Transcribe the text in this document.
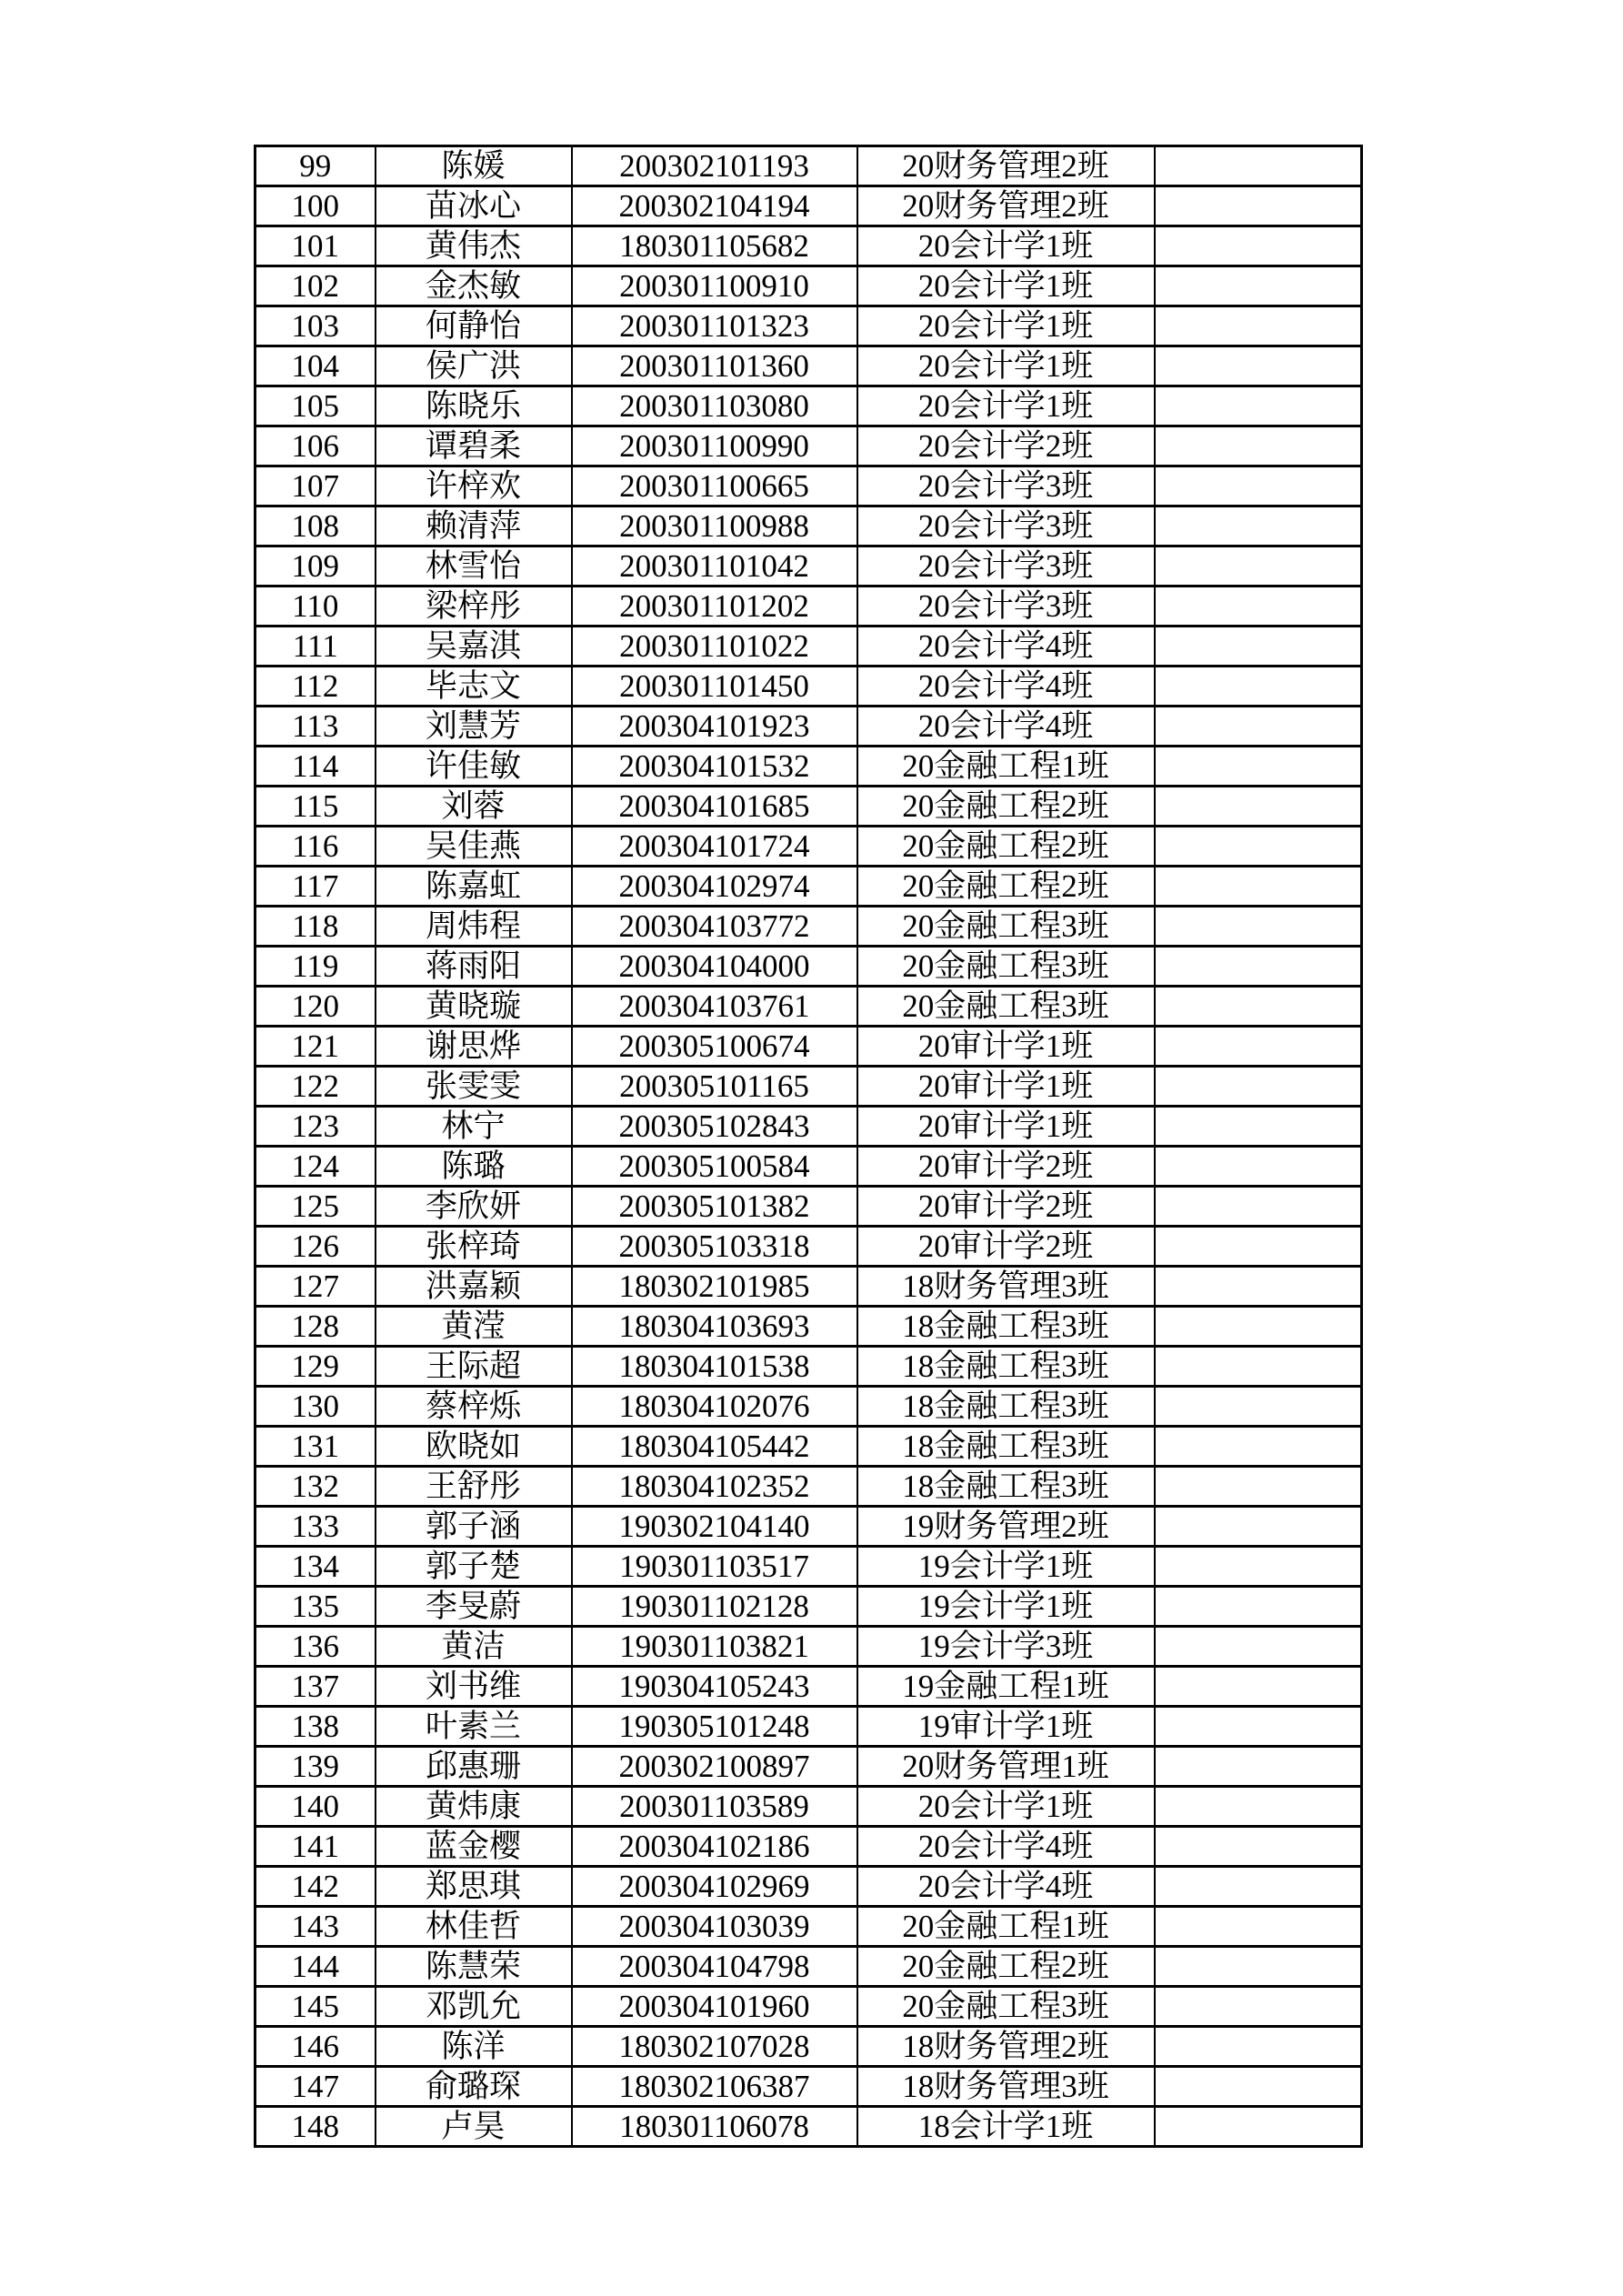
99	陈媛	200302101193	20财务管理2班	
100	苗冰心	200302104194	20财务管理2班	
101	黄伟杰	180301105682	20会计学1班	
102	金杰敏	200301100910	20会计学1班	
103	何静怡	200301101323	20会计学1班	
104	侯广洪	200301101360	20会计学1班	
105	陈晓乐	200301103080	20会计学1班	
106	谭碧柔	200301100990	20会计学2班	
107	许梓欢	200301100665	20会计学3班	
108	赖清萍	200301100988	20会计学3班	
109	林雪怡	200301101042	20会计学3班	
110	梁梓彤	200301101202	20会计学3班	
111	吴嘉淇	200301101022	20会计学4班	
112	毕志文	200301101450	20会计学4班	
113	刘慧芳	200304101923	20会计学4班	
114	许佳敏	200304101532	20金融工程1班	
115	刘蓉	200304101685	20金融工程2班	
116	吴佳燕	200304101724	20金融工程2班	
117	陈嘉虹	200304102974	20金融工程2班	
118	周炜程	200304103772	20金融工程3班	
119	蒋雨阳	200304104000	20金融工程3班	
120	黄晓璇	200304103761	20金融工程3班	
121	谢思烨	200305100674	20审计学1班	
122	张雯雯	200305101165	20审计学1班	
123	林宁	200305102843	20审计学1班	
124	陈璐	200305100584	20审计学2班	
125	李欣妍	200305101382	20审计学2班	
126	张梓琦	200305103318	20审计学2班	
127	洪嘉颖	180302101985	18财务管理3班	
128	黄滢	180304103693	18金融工程3班	
129	王际超	180304101538	18金融工程3班	
130	蔡梓烁	180304102076	18金融工程3班	
131	欧晓如	180304105442	18金融工程3班	
132	王舒彤	180304102352	18金融工程3班	
133	郭子涵	190302104140	19财务管理2班	
134	郭子楚	190301103517	19会计学1班	
135	李旻蔚	190301102128	19会计学1班	
136	黄洁	190301103821	19会计学3班	
137	刘书维	190304105243	19金融工程1班	
138	叶素兰	190305101248	19审计学1班	
139	邱惠珊	200302100897	20财务管理1班	
140	黄炜康	200301103589	20会计学1班	
141	蓝金樱	200304102186	20会计学4班	
142	郑思琪	200304102969	20会计学4班	
143	林佳哲	200304103039	20金融工程1班	
144	陈慧荣	200304104798	20金融工程2班	
145	邓凯允	200304101960	20金融工程3班	
146	陈洋	180302107028	18财务管理2班	
147	俞璐琛	180302106387	18财务管理3班	
148	卢昊	180301106078	18会计学1班	
